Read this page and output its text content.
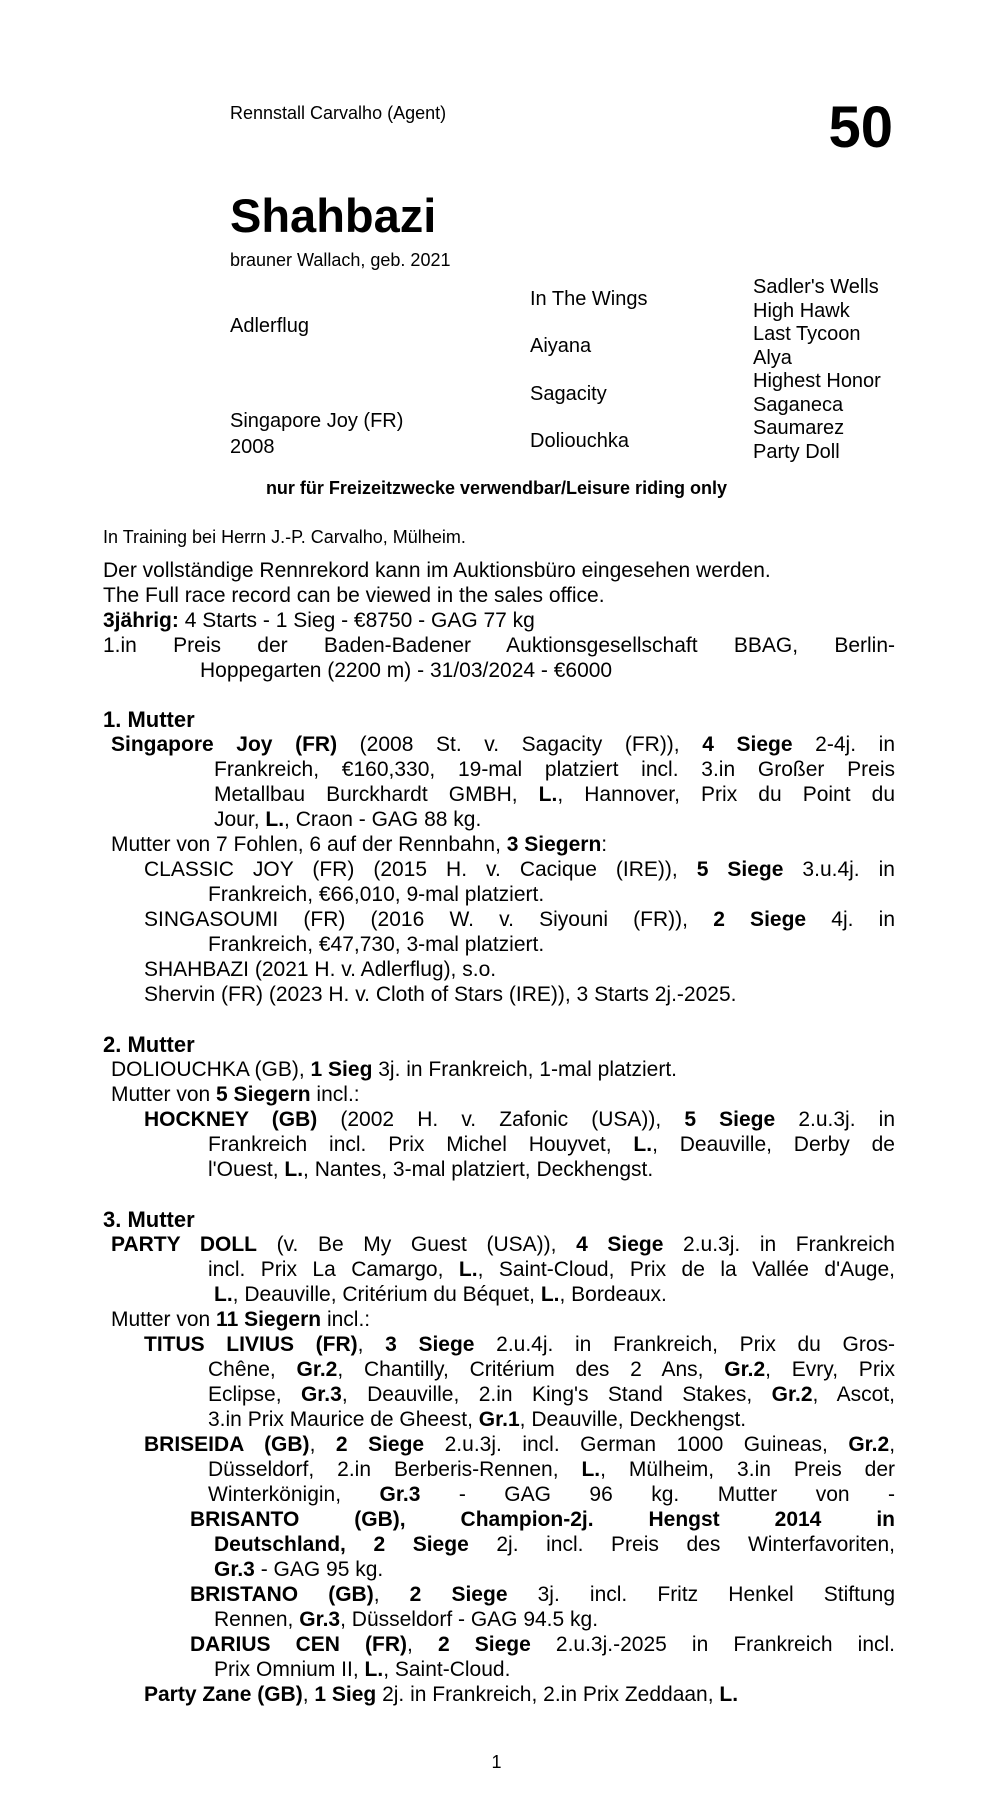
Rennstall Carvalho (Agent)	50
Shahbazi
brauner Wallach, geb. 2021
Adlerflug
Singapore Joy (FR)
2008
In The Wings
Aiyana
Sagacity
Doliouchka
Sadler's Wells
High Hawk
Last Tycoon
Alya
Highest Honor
Saganeca
Saumarez
Party Doll
nur für Freizeitzwecke verwendbar/Leisure riding only
In Training bei Herrn J.-P. Carvalho, Mülheim.
Der vollständige Rennrekord kann im Auktionsbüro eingesehen werden.
The Full race record can be viewed in the sales office.
3jährig: 4 Starts - 1 Sieg - €8750 - GAG 77 kg
1.in Preis der Baden-Badener Auktionsgesellschaft BBAG, Berlin-
Hoppegarten (2200 m) - 31/03/2024 - €6000
1. Mutter
Singapore Joy (FR) (2008 St. v. Sagacity (FR)), 4 Siege 2-4j. in
Frankreich, €160,330, 19-mal platziert incl. 3.in Großer Preis
Metallbau Burckhardt GMBH, L., Hannover, Prix du Point du
Jour, L., Craon - GAG 88 kg.
Mutter von 7 Fohlen, 6 auf der Rennbahn, 3 Siegern:
CLASSIC JOY (FR) (2015 H. v. Cacique (IRE)), 5 Siege 3.u.4j. in
Frankreich, €66,010, 9-mal platziert.
SINGASOUMI (FR) (2016 W. v. Siyouni (FR)), 2 Siege 4j. in
Frankreich, €47,730, 3-mal platziert.
SHAHBAZI (2021 H. v. Adlerflug), s.o.
Shervin (FR) (2023 H. v. Cloth of Stars (IRE)), 3 Starts 2j.-2025.
2. Mutter
DOLIOUCHKA (GB), 1 Sieg 3j. in Frankreich, 1-mal platziert.
Mutter von 5 Siegern incl.:
HOCKNEY (GB) (2002 H. v. Zafonic (USA)), 5 Siege 2.u.3j. in
Frankreich incl. Prix Michel Houyvet, L., Deauville, Derby de
l'Ouest, L., Nantes, 3-mal platziert, Deckhengst.
3. Mutter
PARTY DOLL (v. Be My Guest (USA)), 4 Siege 2.u.3j. in Frankreich
incl. Prix La Camargo, L., Saint-Cloud, Prix de la Vallée d'Auge,
L., Deauville, Critérium du Béquet, L., Bordeaux.
Mutter von 11 Siegern incl.:
TITUS LIVIUS (FR), 3 Siege 2.u.4j. in Frankreich, Prix du Gros-
Chêne, Gr.2, Chantilly, Critérium des 2 Ans, Gr.2, Evry, Prix
Eclipse, Gr.3, Deauville, 2.in King's Stand Stakes, Gr.2, Ascot,
3.in Prix Maurice de Gheest, Gr.1, Deauville, Deckhengst.
BRISEIDA (GB), 2 Siege 2.u.3j. incl. German 1000 Guineas, Gr.2,
Düsseldorf, 2.in Berberis-Rennen, L., Mülheim, 3.in Preis der
Winterkönigin, Gr.3 - GAG 96 kg. Mutter von -
BRISANTO (GB), Champion-2j. Hengst 2014 in
Deutschland, 2 Siege 2j. incl. Preis des Winterfavoriten,
Gr.3 - GAG 95 kg.
BRISTANO (GB), 2 Siege 3j. incl. Fritz Henkel Stiftung
Rennen, Gr.3, Düsseldorf - GAG 94.5 kg.
DARIUS CEN (FR), 2 Siege 2.u.3j.-2025 in Frankreich incl.
Prix Omnium II, L., Saint-Cloud.
Party Zane (GB), 1 Sieg 2j. in Frankreich, 2.in Prix Zeddaan, L.
1
